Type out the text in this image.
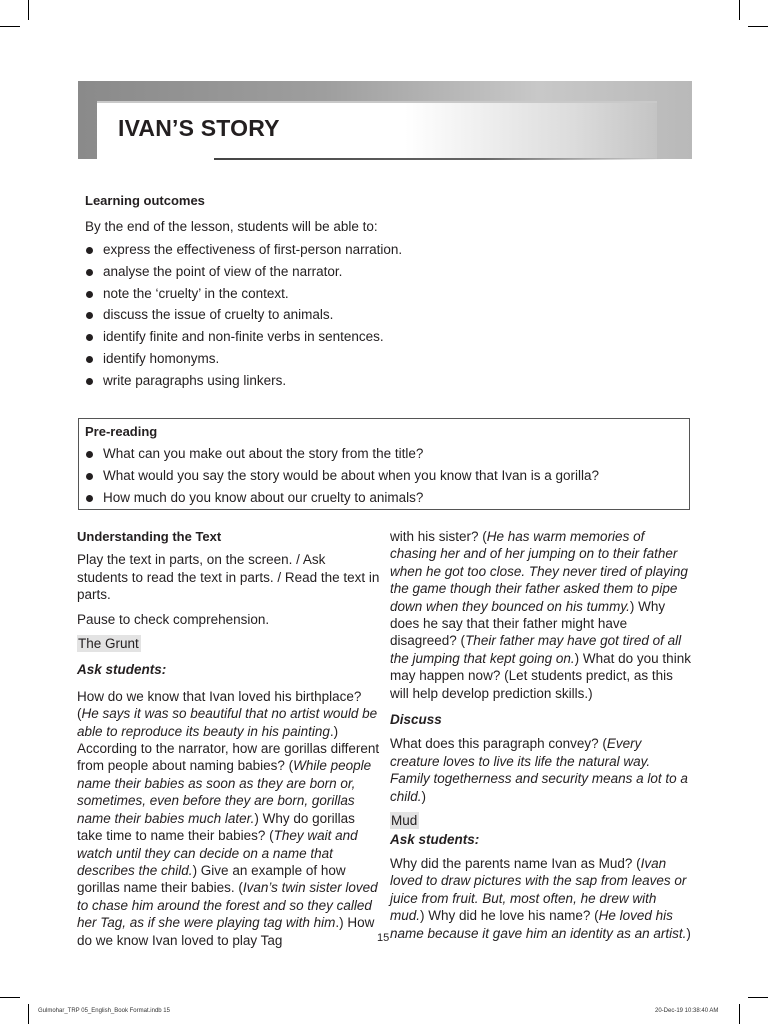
IVAN’S STORY
Learning outcomes
By the end of the lesson, students will be able to:
express the effectiveness of first-person narration.
analyse the point of view of the narrator.
note the ‘cruelty’ in the context.
discuss the issue of cruelty to animals.
identify finite and non-finite verbs in sentences.
identify homonyms.
write paragraphs using linkers.
Pre-reading
What can you make out about the story from the title?
What would you say the story would be about when you know that Ivan is a gorilla?
How much do you know about our cruelty to animals?

Understanding the Text

Play the text in parts, on the screen. / Ask students to read the text in parts. / Read the text in parts.

Pause to check comprehension.

The Grunt

Ask students:

How do we know that Ivan loved his birthplace? (He says it was so beautiful that no artist would be able to reproduce its beauty in his painting.) According to the narrator, how are gorillas different from people about naming babies? (While people name their babies as soon as they are born or, sometimes, even before they are born, gorillas name their babies much later.) Why do gorillas take time to name their babies? (They wait and watch until they can decide on a name that describes the child.) Give an example of how gorillas name their babies. (Ivan’s twin sister loved to chase him around the forest and so they called her Tag, as if she were playing tag with him.) How do we know Ivan loved to play Tag

with his sister? (He has warm memories of chasing her and of her jumping on to their father when he got too close. They never tired of playing the game though their father asked them to pipe down when they bounced on his tummy.) Why does he say that their father might have disagreed? (Their father may have got tired of all the jumping that kept going on.) What do you think may happen now? (Let students predict, as this will help develop prediction skills.)

Discuss

What does this paragraph convey? (Every creature loves to live its life the natural way. Family togetherness and security means a lot to a child.)

Mud

Ask students:

Why did the parents name Ivan as Mud? (Ivan loved to draw pictures with the sap from leaves or juice from fruit. But, most often, he drew with mud.) Why did he love his name? (He loved his name because it gave him an identity as an artist.)

15
Gulmohar_TRP 05_English_Book Format.indb 15	20-Dec-19 10:38:40 AM
